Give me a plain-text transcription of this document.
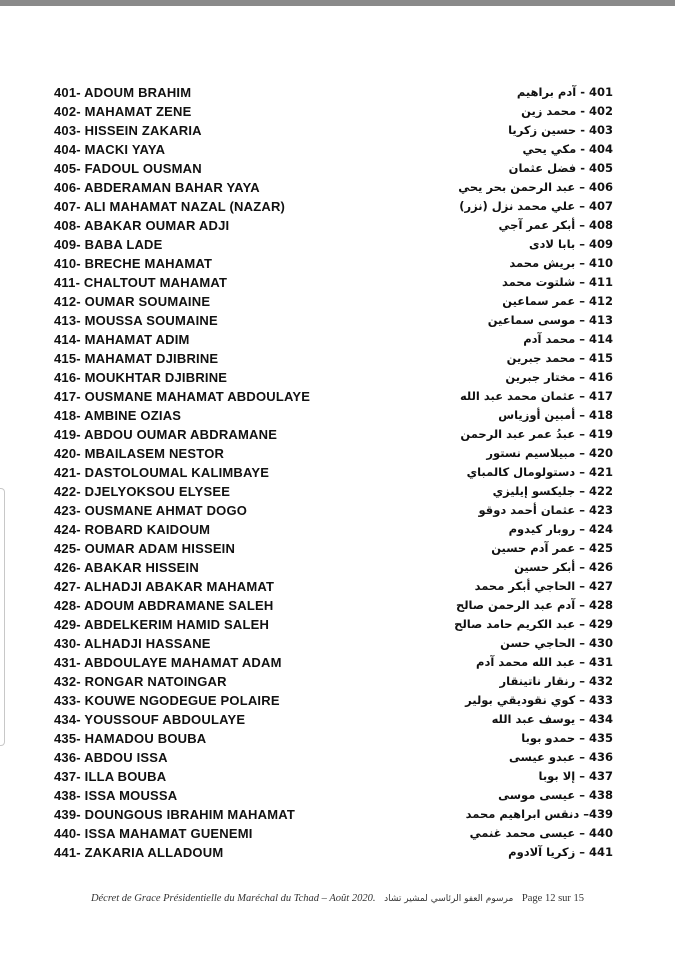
401- ADOUM BRAHIM	401 - آدم براهيم
402- MAHAMAT ZENE	402 - محمد زين
403- HISSEIN ZAKARIA	403 - حسين زكريا
404- MACKI YAYA	404 - مكي يحي
405- FADOUL OUSMAN	405 - فضل عثمان
406- ABDERAMAN BAHAR YAYA	406 – عبد الرحمن بحر يحي
407- ALI MAHAMAT NAZAL (NAZAR)	407 – علي محمد نزل (نزر)
408- ABAKAR OUMAR ADJI	408 – أبكر عمر آجي
409- BABA LADE	409 – بابا لادى
410- BRECHE MAHAMAT	410 – بريش محمد
411- CHALTOUT MAHAMAT	411 – شلتوت محمد
412- OUMAR SOUMAINE	412 – عمر سماعين
413- MOUSSA SOUMAINE	413 – موسى سماعين
414- MAHAMAT ADIM	414 – محمد آدم
415- MAHAMAT DJIBRINE	415 – محمد جبرين
416- MOUKHTAR DJIBRINE	416 – مختار جبرين
417- OUSMANE MAHAMAT ABDOULAYE	417 – عثمان محمد عبد الله
418- AMBINE OZIAS	418 – أمبين أوزياس
419- ABDOU OUMAR ABDRAMANE	419 – عبدُ عمر عبد الرحمن
420- MBAILASEM NESTOR	420 – مبيلاسيم نستور
421- DASTOLOUMAL KALIMBAYE	421 – دستولومال كالمباي
422- DJELYOKSOU ELYSEE	422 – جليكسو إيليزي
423- OUSMANE AHMAT DOGO	423 – عثمان أحمد دوقو
424- ROBARD KAIDOUM	424 – روبار كيدوم
425- OUMAR ADAM HISSEIN	425 – عمر آدم حسين
426- ABAKAR HISSEIN	426 – أبكر حسين
427- ALHADJI ABAKAR MAHAMAT	427 – الحاجي أبكر محمد
428- ADOUM ABDRAMANE SALEH	428 – آدم عبد الرحمن صالح
429- ABDELKERIM HAMID SALEH	429 – عبد الكريم حامد صالح
430- ALHADJI HASSANE	430 – الحاجي حسن
431- ABDOULAYE MAHAMAT ADAM	431 – عبد الله محمد آدم
432- RONGAR NATOINGAR	432 – رنقار ناتينقار
433- KOUWE NGODEGUE POLAIRE	433 – كوي نقوديقي بولير
434- YOUSSOUF ABDOULAYE	434 – يوسف عبد الله
435- HAMADOU BOUBA	435 – حمدو بوبا
436- ABDOU ISSA	436 – عبدو عيسى
437- ILLA BOUBA	437 – إلا بوبا
438- ISSA MOUSSA	438 – عيسى موسى
439- DOUNGOUS IBRAHIM MAHAMAT	439– دنقس ابراهيم محمد
440- ISSA MAHAMAT GUENEMI	440 – عيسى محمد غنمي
441- ZAKARIA ALLADOUM	441 – زكريا آلادوم
Décret de Grace Présidentielle du Maréchal du Tchad – Août 2020. مرسوم العفو الرئاسي لمشير تشاد Page 12 sur 15
